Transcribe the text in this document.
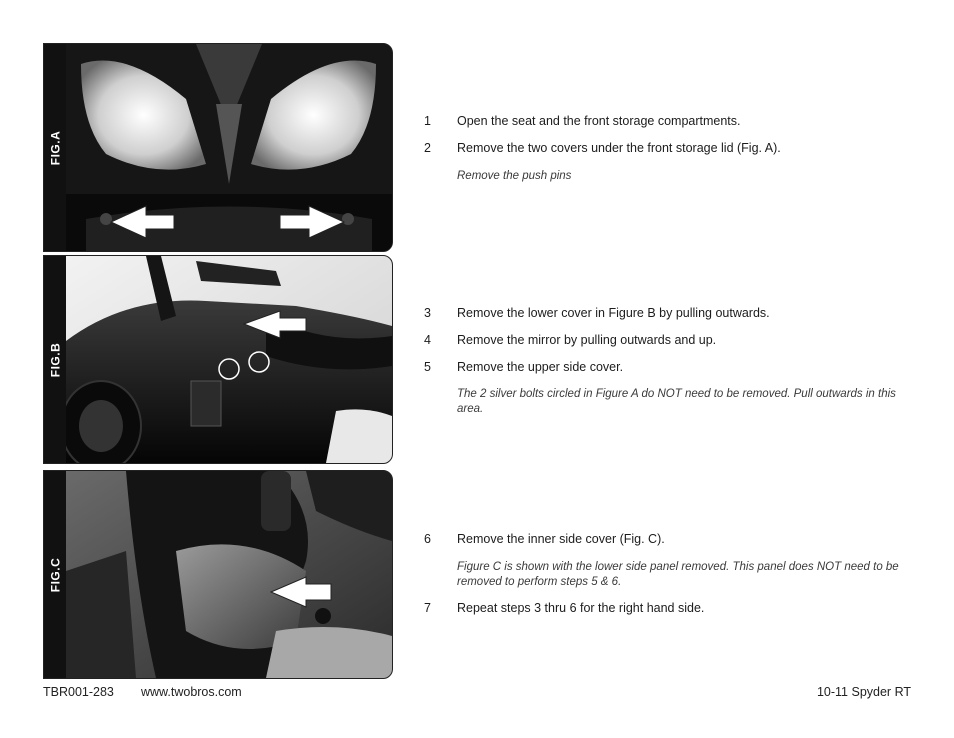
FIG.A
FIG.B
FIG.C
1 Open the seat and the front storage compartments.
2 Remove the two covers under the front storage lid (Fig. A).

Remove the push pins

3 Remove the lower cover in Figure B by pulling outwards.
4 Remove the mirror by pulling outwards and up.
5 Remove the upper side cover.

The 2 silver bolts circled in Figure A do NOT need to be removed. Pull outwards in this area.

6 Remove the inner side cover (Fig. C).

Figure C is shown with the lower side panel removed. This panel does NOT need to be removed to perform steps 5 & 6.

7 Repeat steps 3 thru 6 for the right hand side.
TBR001-283 www.twobros.com	10-11 Spyder RT
